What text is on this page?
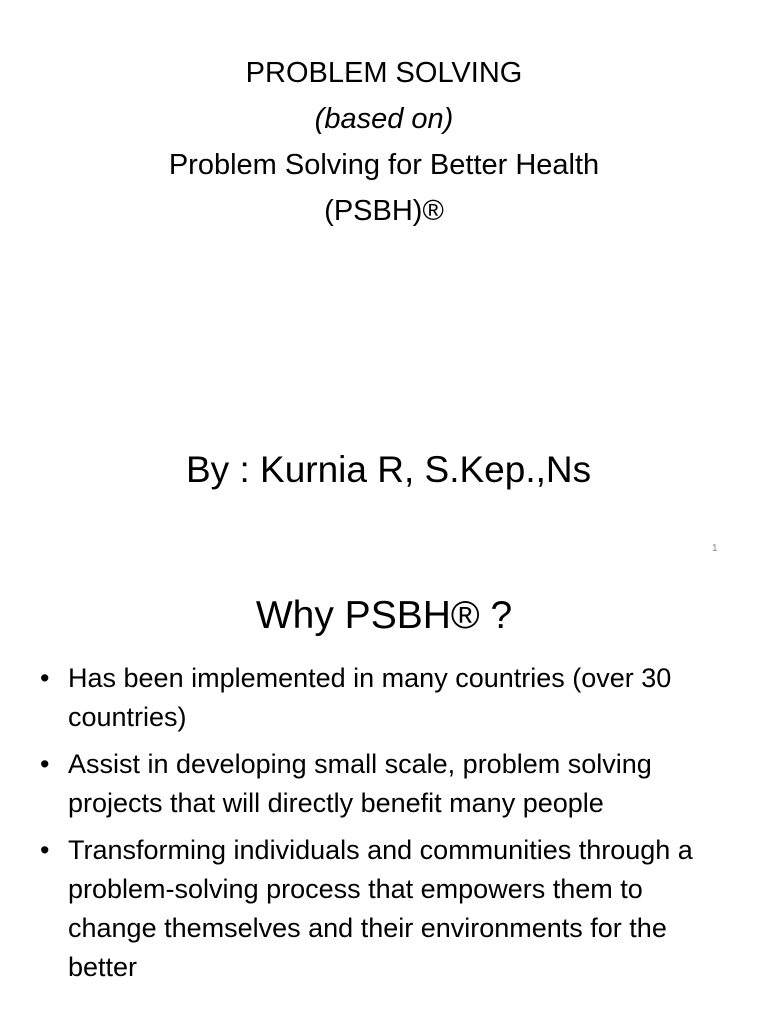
PROBLEM SOLVING
(based on)
Problem Solving for Better Health
(PSBH)®
By : Kurnia R, S.Kep.,Ns
1
Why PSBH® ?
• Has been implemented in many countries (over 30 countries)
• Assist in developing small scale, problem solving projects that will directly benefit many people
• Transforming individuals and communities through a problem-solving process that empowers them to change themselves and their environments for the better
